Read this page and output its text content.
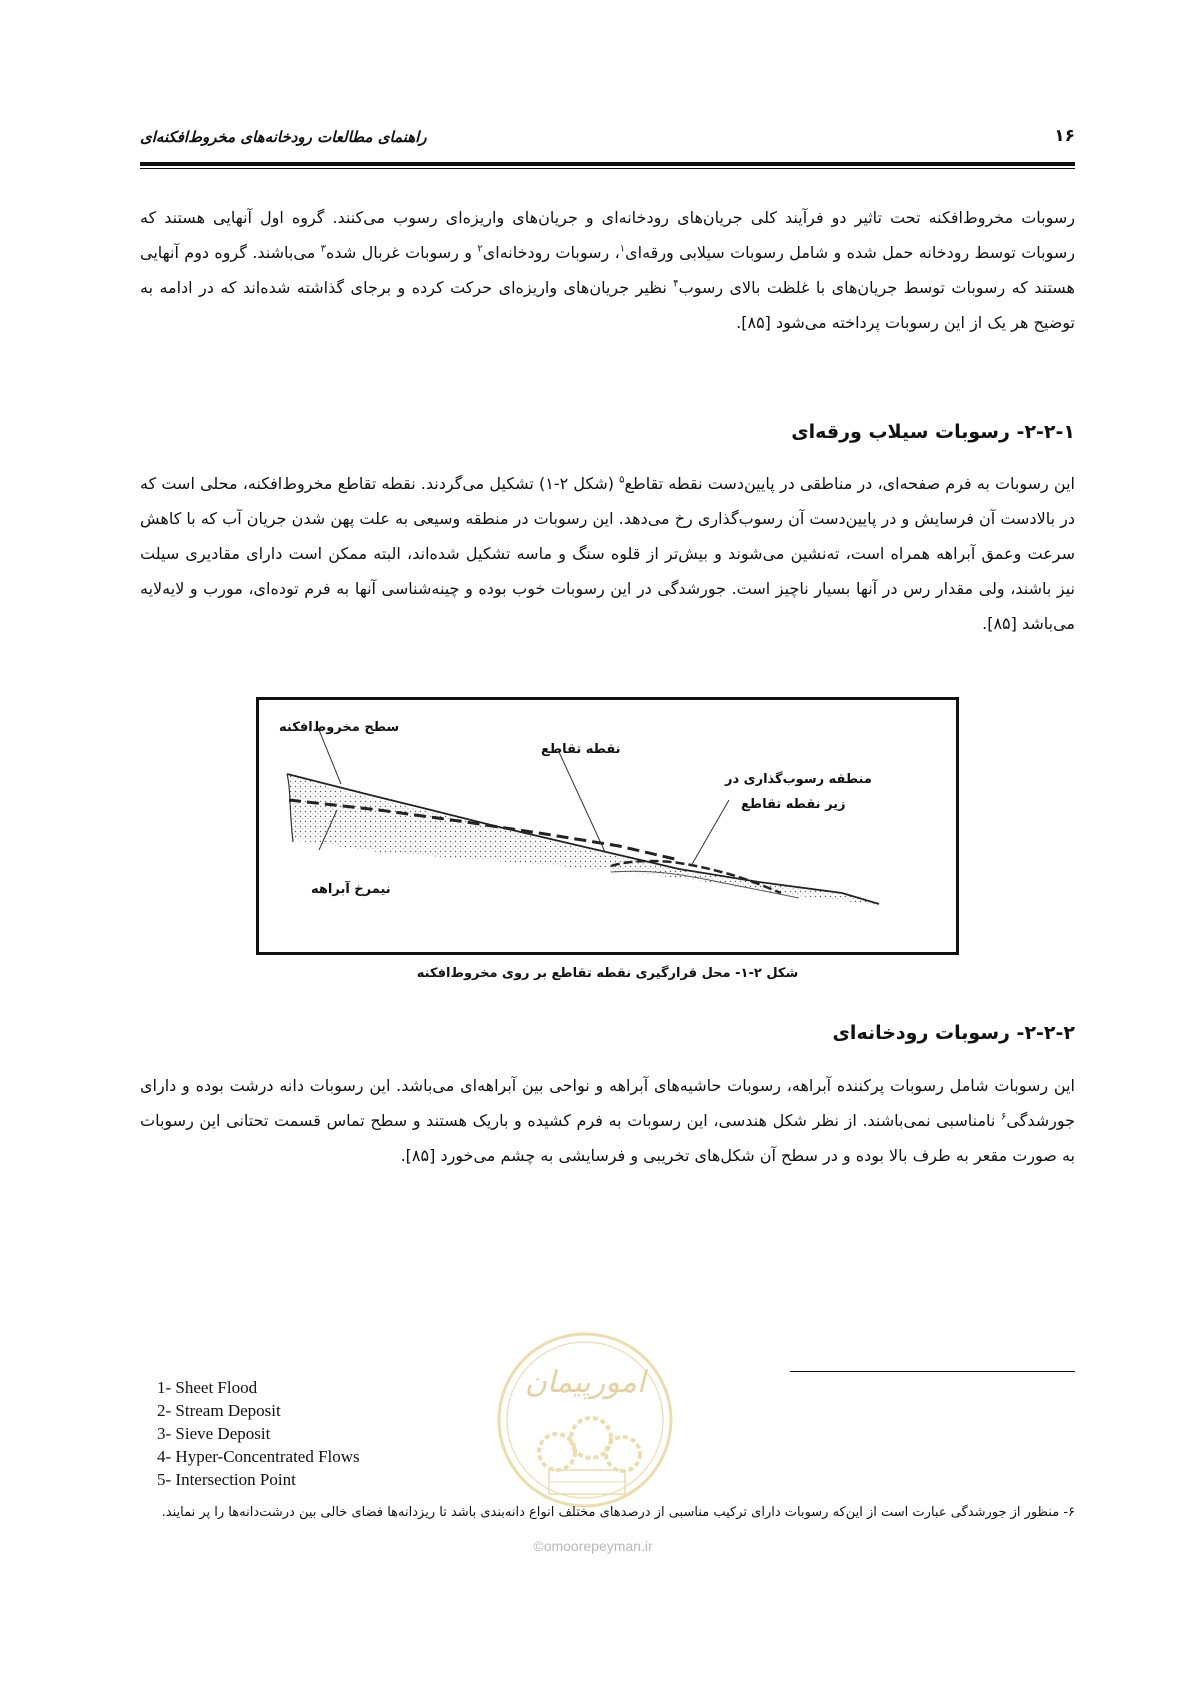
راهنمای مطالعات رودخانه‌های مخروط‌افکنه‌ای	۱۶

رسوبات مخروط‌افکنه تحت تاثیر دو فرآیند کلی جریان‌های رودخانه‌ای و جریان‌های واریزه‌ای رسوب می‌کنند. گروه اول آنهایی هستند که رسوبات توسط رودخانه حمل شده و شامل رسوبات سیلابی ورقه‌ای$^۱$، رسوبات رودخانه‌ای$^۲$ و رسوبات غربال شده$^۳$ می‌باشند. گروه دوم آنهایی هستند که رسوبات توسط جریان‌های با غلظت بالای رسوب$^۴$ نظیر جریان‌های واریزه‌ای حرکت کرده و برجای گذاشته شده‌اند که در ادامه به توضیح هر یک از این رسوبات پرداخته می‌شود [۸۵].

۲-۲-۱- رسوبات سیلاب ورقه‌ای

این رسوبات به فرم صفحه‌ای، در مناطقی در پایین‌دست نقطه تقاطع$^۵$ (شکل ۲-۱) تشکیل می‌گردند. نقطه تقاطع مخروط‌افکنه، محلی است که در بالادست آن فرسایش و در پایین‌دست آن رسوب‌گذاری رخ می‌دهد. این رسوبات در منطقه وسیعی به علت پهن شدن جریان آب که با کاهش سرعت وعمق آبراهه همراه است، ته‌نشین می‌شوند و بیش‌تر از قلوه سنگ و ماسه تشکیل شده‌اند، البته ممکن است دارای مقادیری سیلت نیز باشند، ولی مقدار رس در آنها بسیار ناچیز است. جورشدگی در این رسوبات خوب بوده و چینه‌شناسی آنها به فرم توده‌ای، مورب و لایه‌لایه می‌باشد [۸۵].

سطح مخروط‌افکنه
نقطه تقاطع
منطقه رسوب‌گذاری در
زیر نقطه تقاطع
نیمرخ آبراهه
شکل ۲-۱- محل قرارگیری نقطه تقاطع بر روی مخروط‌افکنه
۲-۲-۲- رسوبات رودخانه‌ای

این رسوبات شامل رسوبات پرکننده آبراهه، رسوبات حاشیه‌های آبراهه و نواحی بین آبراهه‌ای می‌باشد. این رسوبات دانه درشت بوده و دارای جورشدگی$^۶$ نامناسبی نمی‌باشند. از نظر شکل هندسی، این رسوبات به فرم کشیده و باریک هستند و سطح تماس قسمت تحتانی این رسوبات به صورت مقعر به طرف بالا بوده و در سطح آن شکل‌های تخریبی و فرسایشی به چشم می‌خورد [۸۵].

امورپیمان
1- Sheet Flood
2- Stream Deposit
3- Sieve Deposit
4- Hyper-Concentrated Flows
5- Intersection Point

۶- منظور از جورشدگی عبارت است از این‌که رسوبات دارای ترکیب مناسبی از درصدهای مختلف انواع دانه‌بندی باشد تا ریزدانه‌ها فضای خالی بین درشت‌دانه‌ها را پر نمایند.

©omoorepeyman.ir
